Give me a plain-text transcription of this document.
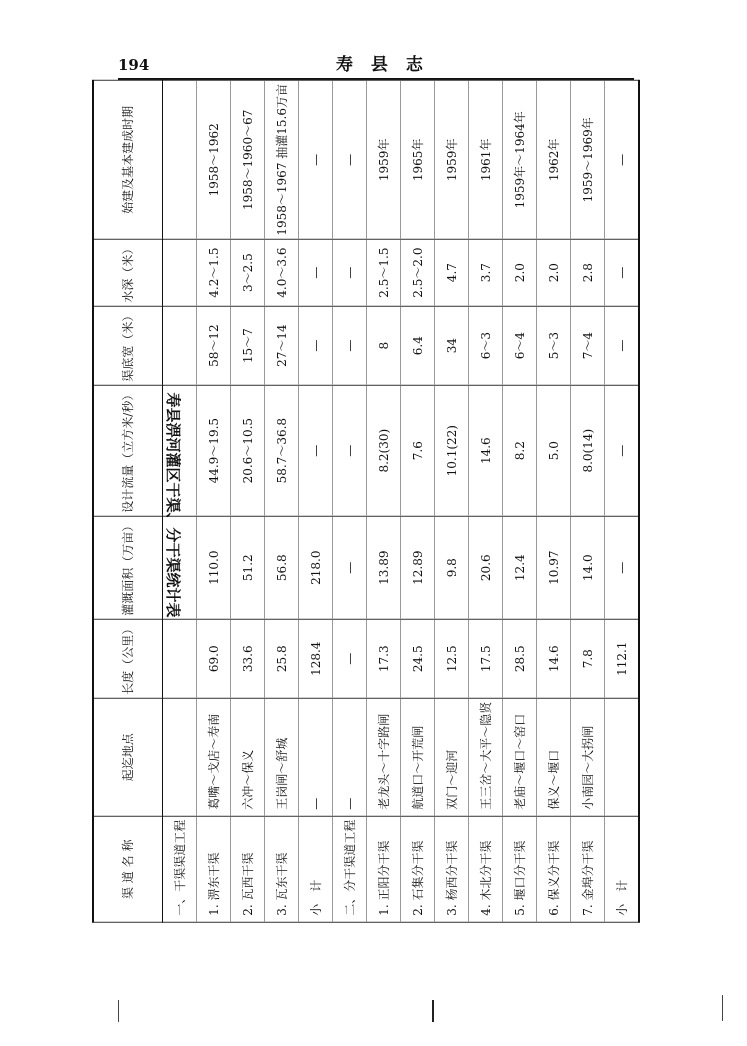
194	寿 县 志
渠 道 名 称	起迄地点	长度（公里）	灌溉面积（万亩）	设计流量（立方米/秒）	渠底宽（米）	水深（米）	始建及基本建成时期
一、干渠渠道工程							
1. 淠东干渠	葛嘴～戈店～寿南	69.0	110.0	44.9～19.5	58～12	4.2～1.5	1958～1962
2. 瓦西干渠	六冲～保义	33.6	51.2	20.6～10.5	15～7	3～2.5	1958～1960～67
3. 瓦东干渠	王岗闸～舒城	25.8	56.8	58.7～36.8	27～14	4.0～3.6	1958～1967 抽灌15.6万亩
小　计	—	128.4	218.0	—	—	—	—
二、分干渠道工程	—	—	—	—	—	—	—
1. 正阳分干渠	老龙头～十字路闸	17.3	13.89	8.2(30)	8	2.5～1.5	1959年
2. 石集分干渠	航道口～开荒闸	24.5	12.89	7.6	6.4	2.5～2.0	1965年
3. 杨西分干渠	双门～迎河	12.5	9.8	10.1(22)	34	4.7	1959年
4. 木北分干渠	王三岔～大平～隐贤	17.5	20.6	14.6	6～3	3.7	1961年
5. 堰口分干渠	老庙～堰口～窑口	28.5	12.4	8.2	6～4	2.0	1959年～1964年
6. 保义分干渠	保义～堰口	14.6	10.97	5.0	5～3	2.0	1962年
7. 金埠分干渠	小南园～大拐闸	7.8	14.0	8.0(14)	7～4	2.8	1959～1969年
小　计		112.1	—	—	—	—	—
寿县淠河灌区干渠、分干渠统计表
